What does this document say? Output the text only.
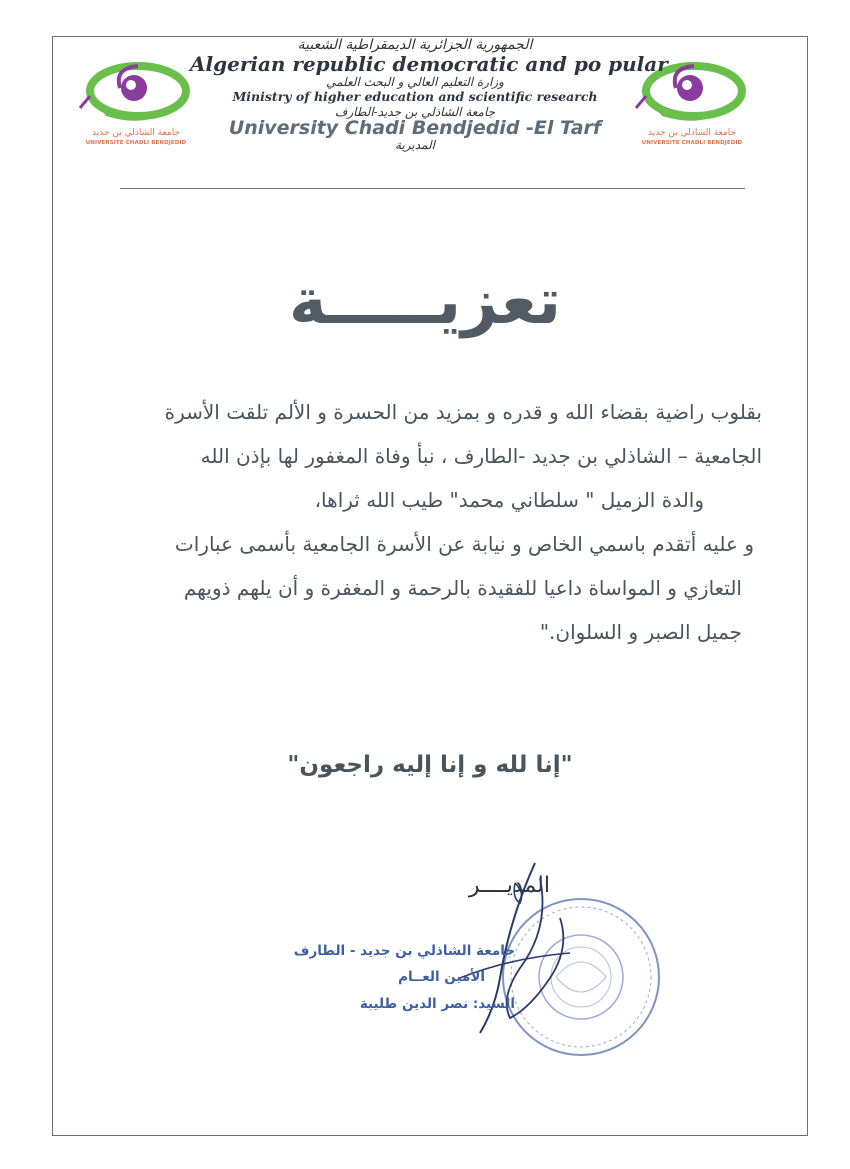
جامعة الشاذلي بن جديد
UNIVERSITE CHADLI BENDJEDID
جامعة الشاذلي بن جديد
UNIVERSITE CHADLI BENDJEDID
الجمهورية الجزائرية الديمقراطية الشعبية
Algerian republic democratic and po pular
وزارة التعليم العالي و البحث العلمي
Ministry of higher education and scientific research
جامعة الشاذلي بن جديد-الطارف
University Chadi Bendjedid -El Tarf
المديرية
تعزيـــــة
بقلوب راضية بقضاء الله و قدره و بمزيد من الحسرة و الألم تلقت الأسرة
الجامعية – الشاذلي بن جديد -الطارف ، نبأ وفاة المغفور لها بإذن الله
والدة الزميل " سلطاني محمد" طيب الله ثراها،
و عليه أتقدم باسمي الخاص و نيابة عن الأسرة الجامعية بأسمى عبارات
التعازي و المواساة داعيا للفقيدة بالرحمة و المغفرة و أن يلهم ذويهم
جميل الصبر و السلوان."
"إنا لله و إنا إليه راجعون"
المديــــر
جامعة الشاذلي بن جديد - الطارف
الأمين العــام
السيد: نصر الدين طليبة
